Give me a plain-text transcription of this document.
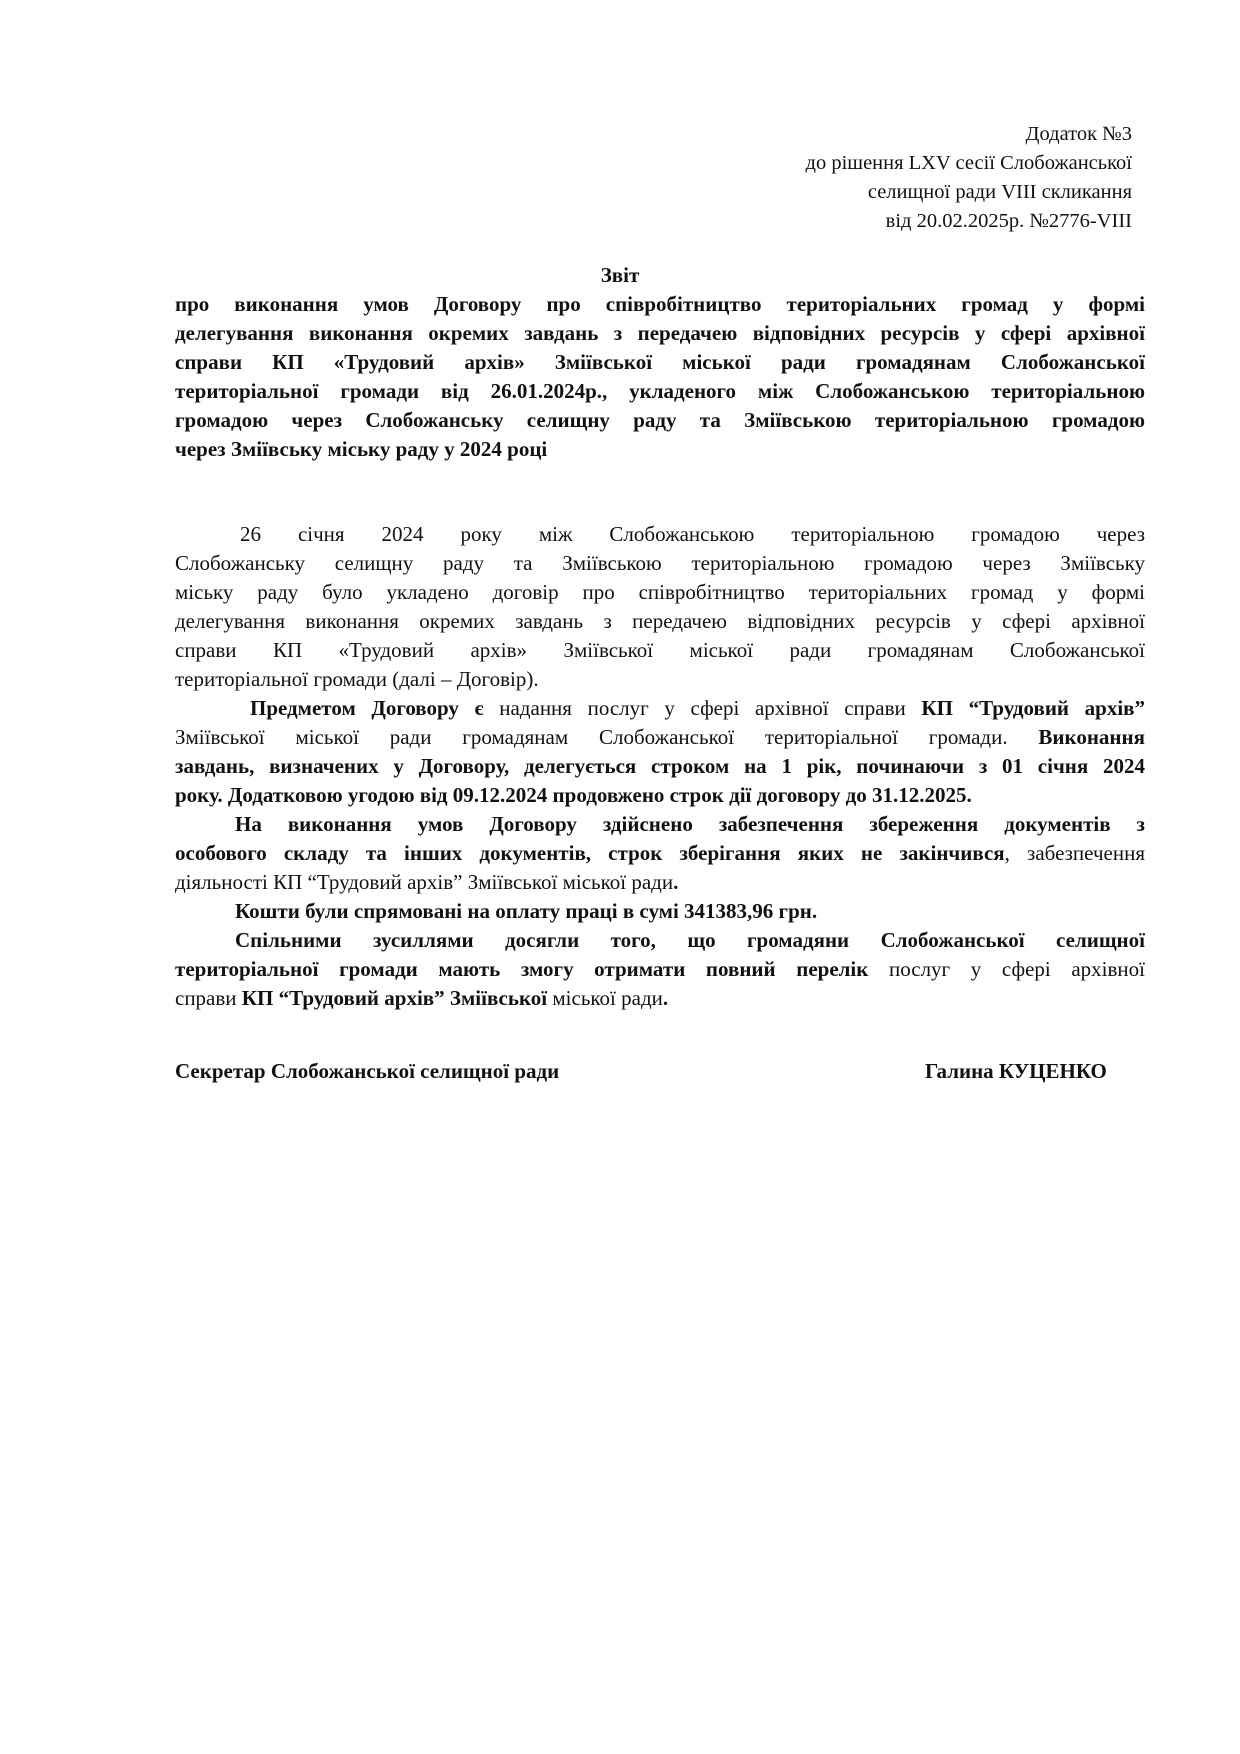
Додаток №3
до рішення LXV сесії Слобожанської
селищної ради VIII скликання
від 20.02.2025р. №2776-VIII
Звіт
про виконання умов Договору про співробітництво територіальних громад у формі
делегування виконання окремих завдань з передачею відповідних ресурсів у сфері архівної
справи КП «Трудовий архів» Зміївської міської ради громадянам Слобожанської
територіальної громади від 26.01.2024р., укладеного між Слобожанською територіальною
громадою через Слобожанську селищну раду та Зміївською територіальною громадою
через Зміївську міську раду у 2024 році
26 січня 2024 року між Слобожанською територіальною громадою через
Слобожанську селищну раду та Зміївською територіальною громадою через Зміївську
міську раду було укладено договір про співробітництво територіальних громад у формі
делегування виконання окремих завдань з передачею відповідних ресурсів у сфері архівної
справи КП «Трудовий архів» Зміївської міської ради громадянам Слобожанської
територіальної громади (далі – Договір).
Предметом Договору є надання послуг у сфері архівної справи КП “Трудовий архів”
Зміївської міської ради громадянам Слобожанської територіальної громади. Виконання
завдань, визначених у Договору, делегується строком на 1 рік, починаючи з 01 січня 2024
року. Додатковою угодою від 09.12.2024 продовжено строк дії договору до 31.12.2025.
На виконання умов Договору здійснено забезпечення збереження документів з
особового складу та інших документів, строк зберігання яких не закінчився, забезпечення
діяльності КП “Трудовий архів” Зміївської міської ради.
Кошти були спрямовані на оплату праці в сумі 341383,96 грн.
Спільними зусиллями досягли того, що громадяни Слобожанської селищної
територіальної громади мають змогу отримати повний перелік послуг у сфері архівної
справи КП “Трудовий архів” Зміївської міської ради.
Секретар Слобожанської селищної ради	Галина КУЦЕНКО
